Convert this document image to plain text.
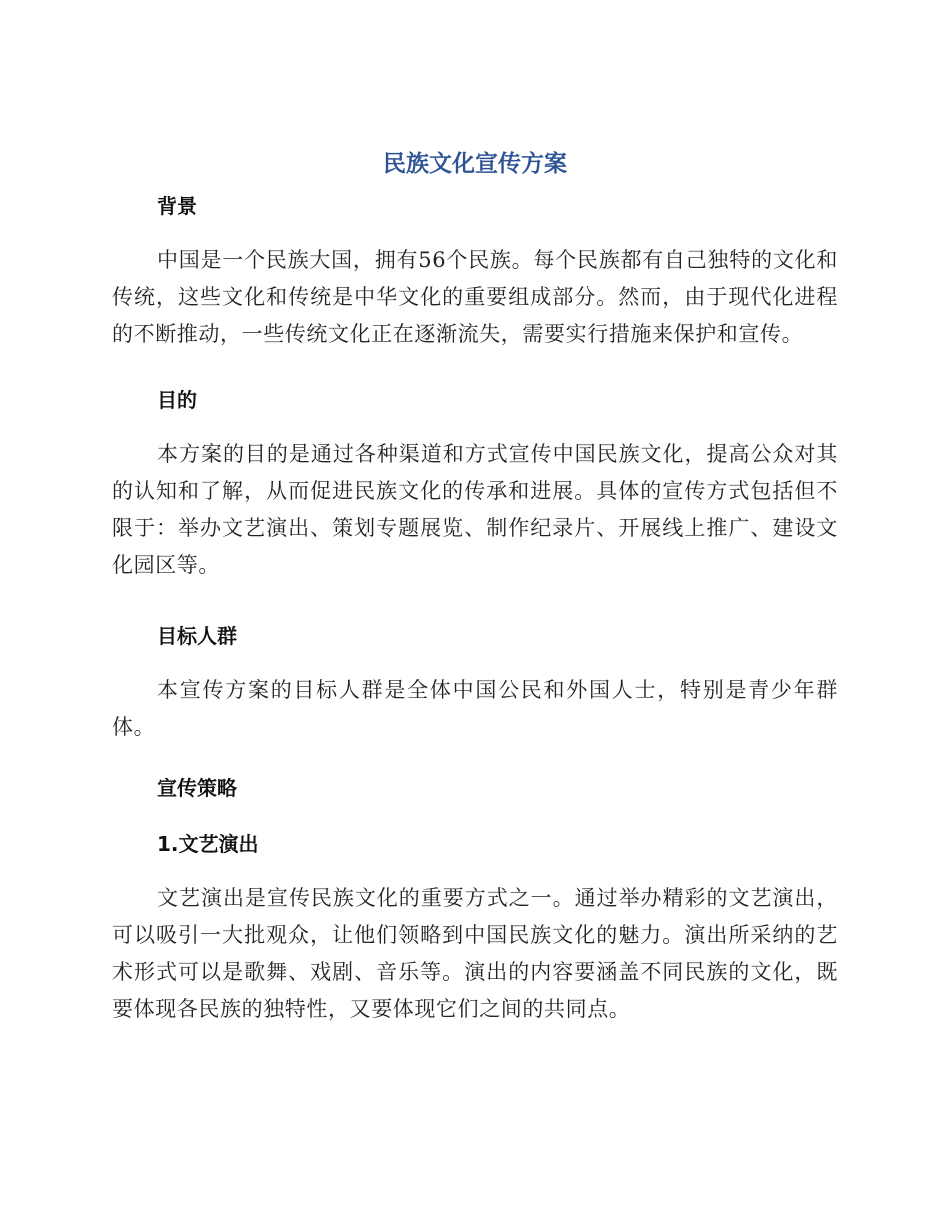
民族文化宣传方案
背景

中国是一个民族大国，拥有56个民族。每个民族都有自己独特的文化和传统，这些文化和传统是中华文化的重要组成部分。然而，由于现代化进程的不断推动，一些传统文化正在逐渐流失，需要实行措施来保护和宣传。

目的

本方案的目的是通过各种渠道和方式宣传中国民族文化，提高公众对其的认知和了解，从而促进民族文化的传承和进展。具体的宣传方式包括但不限于：举办文艺演出、策划专题展览、制作纪录片、开展线上推广、建设文化园区等。

目标人群

本宣传方案的目标人群是全体中国公民和外国人士，特别是青少年群体。

宣传策略
1.文艺演出

文艺演出是宣传民族文化的重要方式之一。通过举办精彩的文艺演出，可以吸引一大批观众，让他们领略到中国民族文化的魅力。演出所采纳的艺术形式可以是歌舞、戏剧、音乐等。演出的内容要涵盖不同民族的文化，既要体现各民族的独特性，又要体现它们之间的共同点。
